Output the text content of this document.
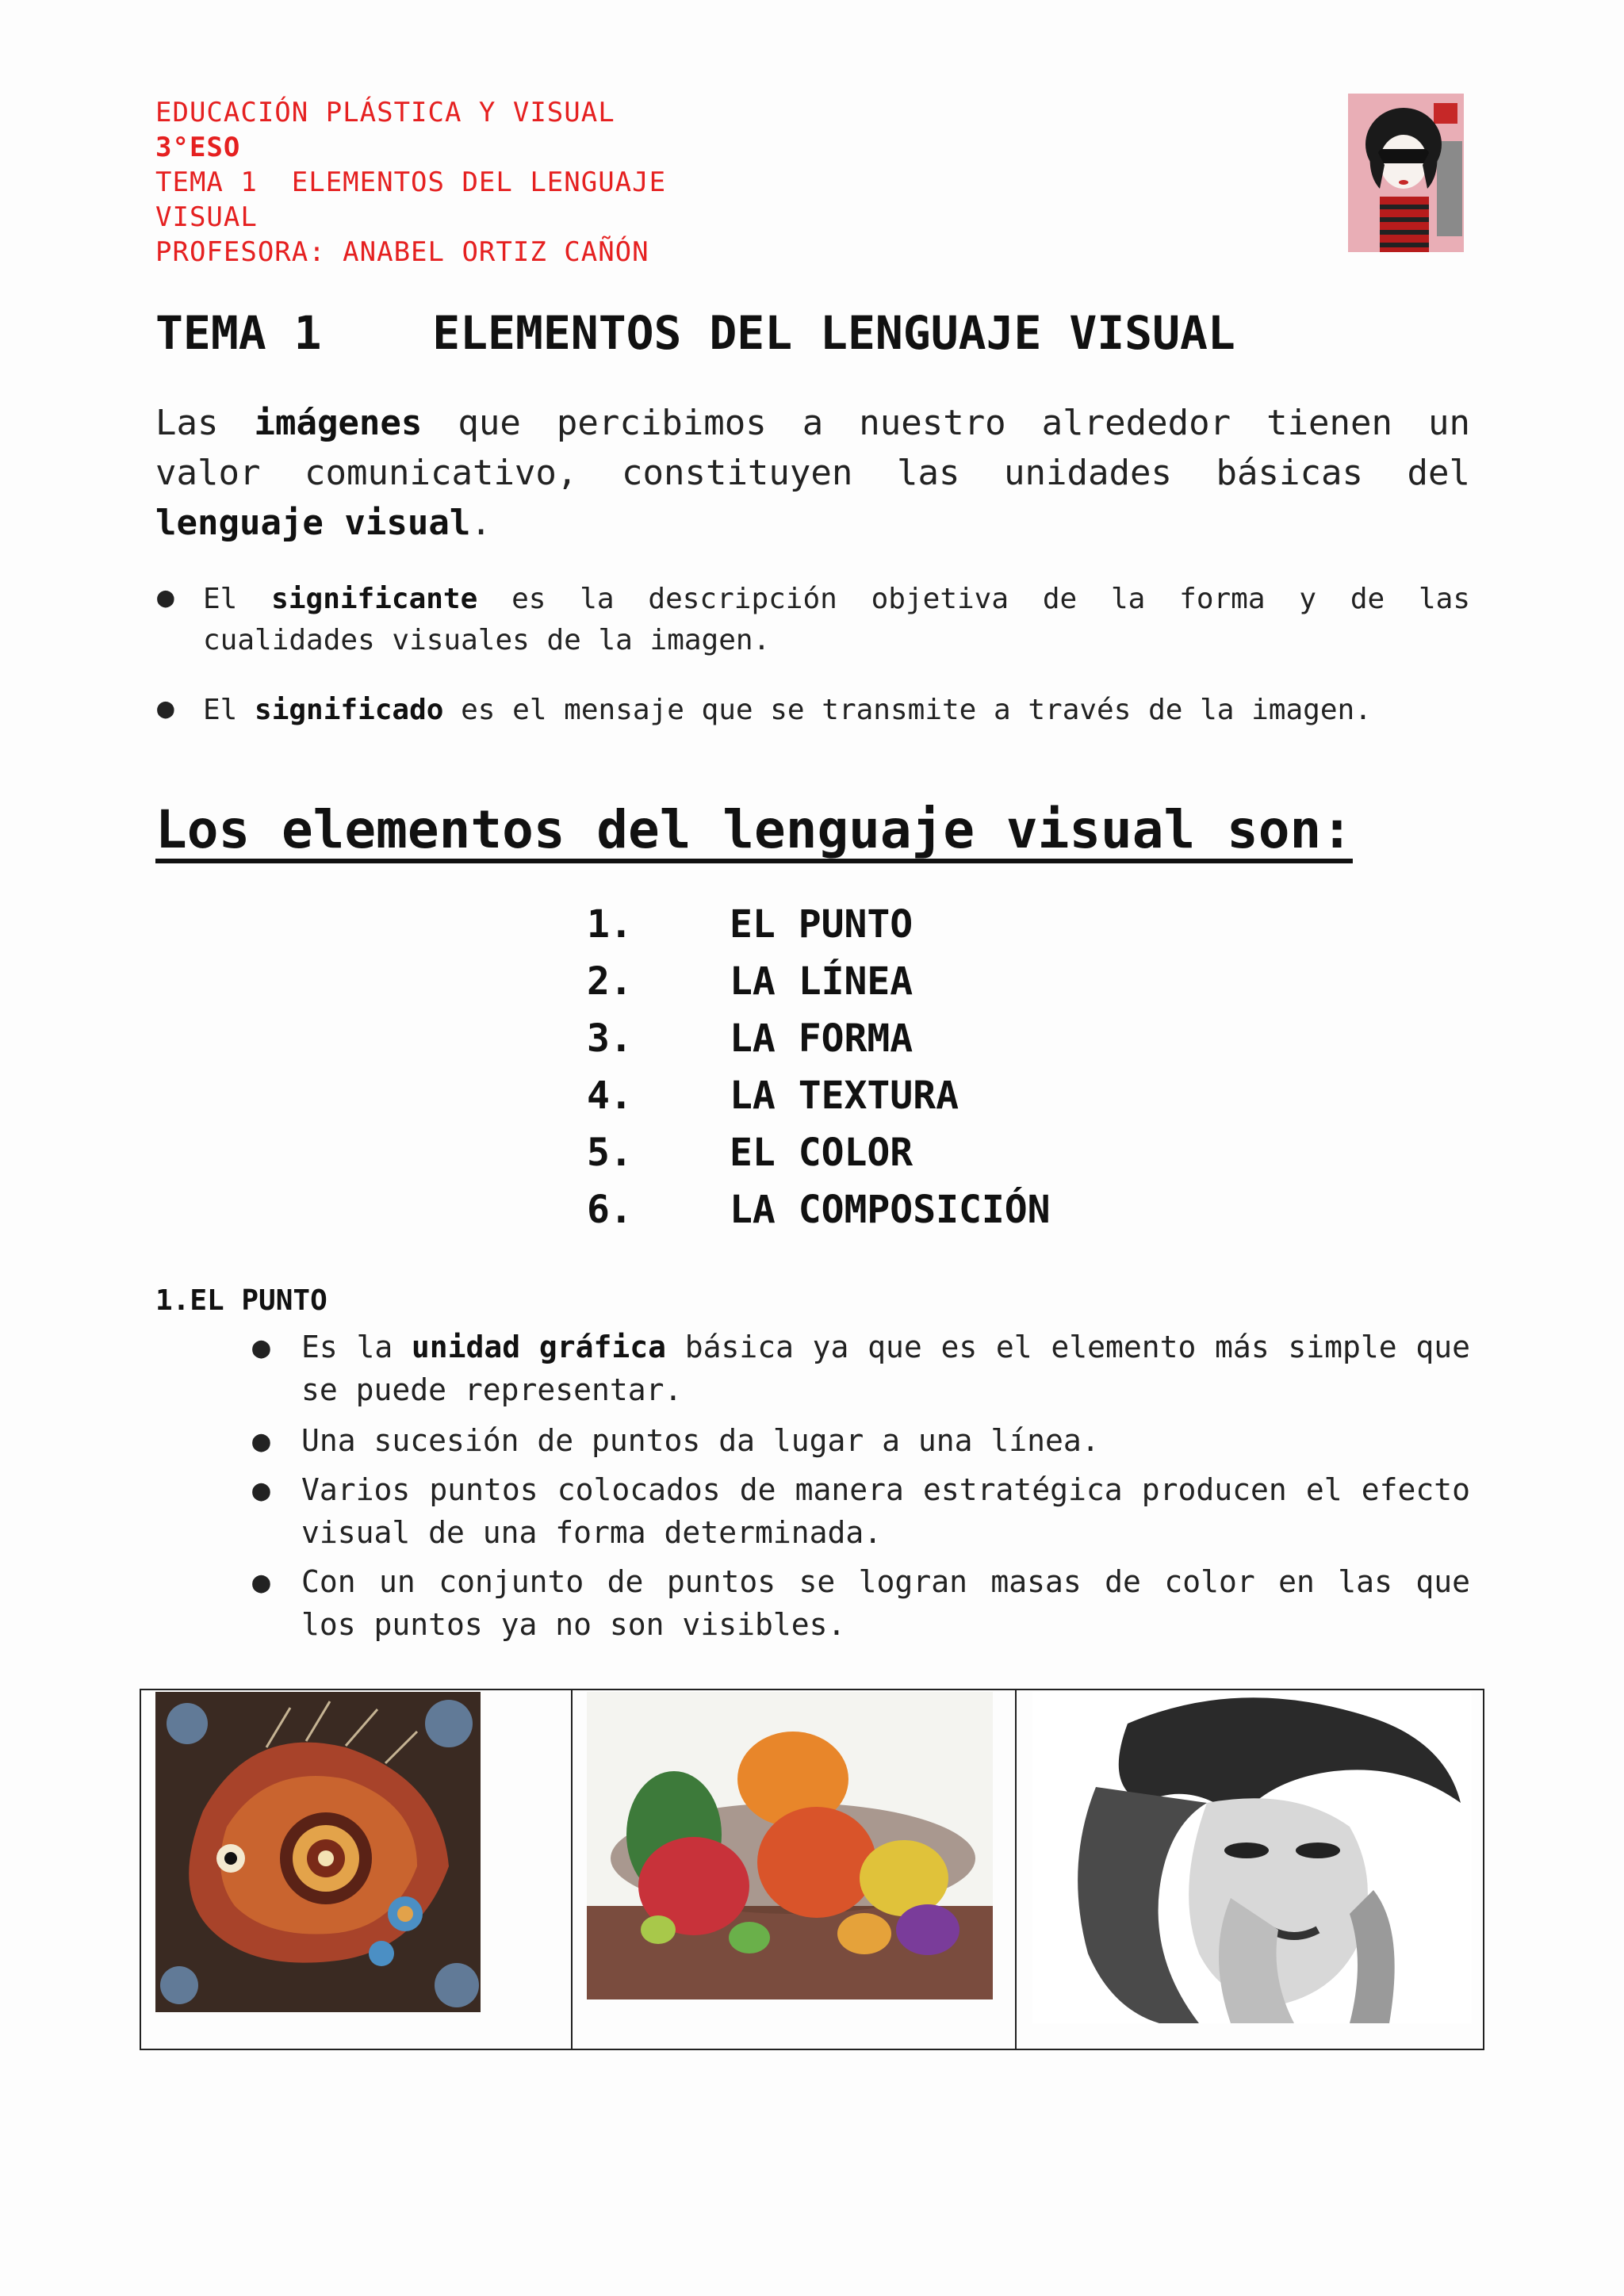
EDUCACIÓN PLÁSTICA Y VISUAL
3°ESO
TEMA 1  ELEMENTOS DEL LENGUAJE
VISUAL
PROFESORA: ANABEL ORTIZ CAÑÓN
TEMA 1    ELEMENTOS DEL LENGUAJE VISUAL
Las imágenes que percibimos a nuestro alrededor tienen un valor comunicativo, constituyen las unidades básicas del lenguaje visual.
● El significante es la descripción objetiva de la forma y de las cualidades visuales de la imagen.
● El significado es el mensaje que se transmite a través de la imagen.
Los elementos del lenguaje visual son:
1.	EL PUNTO
2.	LA LÍNEA
3.	LA FORMA
4.	LA TEXTURA
5.	EL COLOR
6.	LA COMPOSICIÓN
1.EL PUNTO
● Es la unidad gráfica básica ya que es el elemento más simple que se puede representar.
● Una sucesión de puntos da lugar a una línea.
● Varios puntos colocados de manera estratégica producen el efecto visual de una forma determinada.
● Con un conjunto de puntos se logran masas de color en las que los puntos ya no son visibles.
